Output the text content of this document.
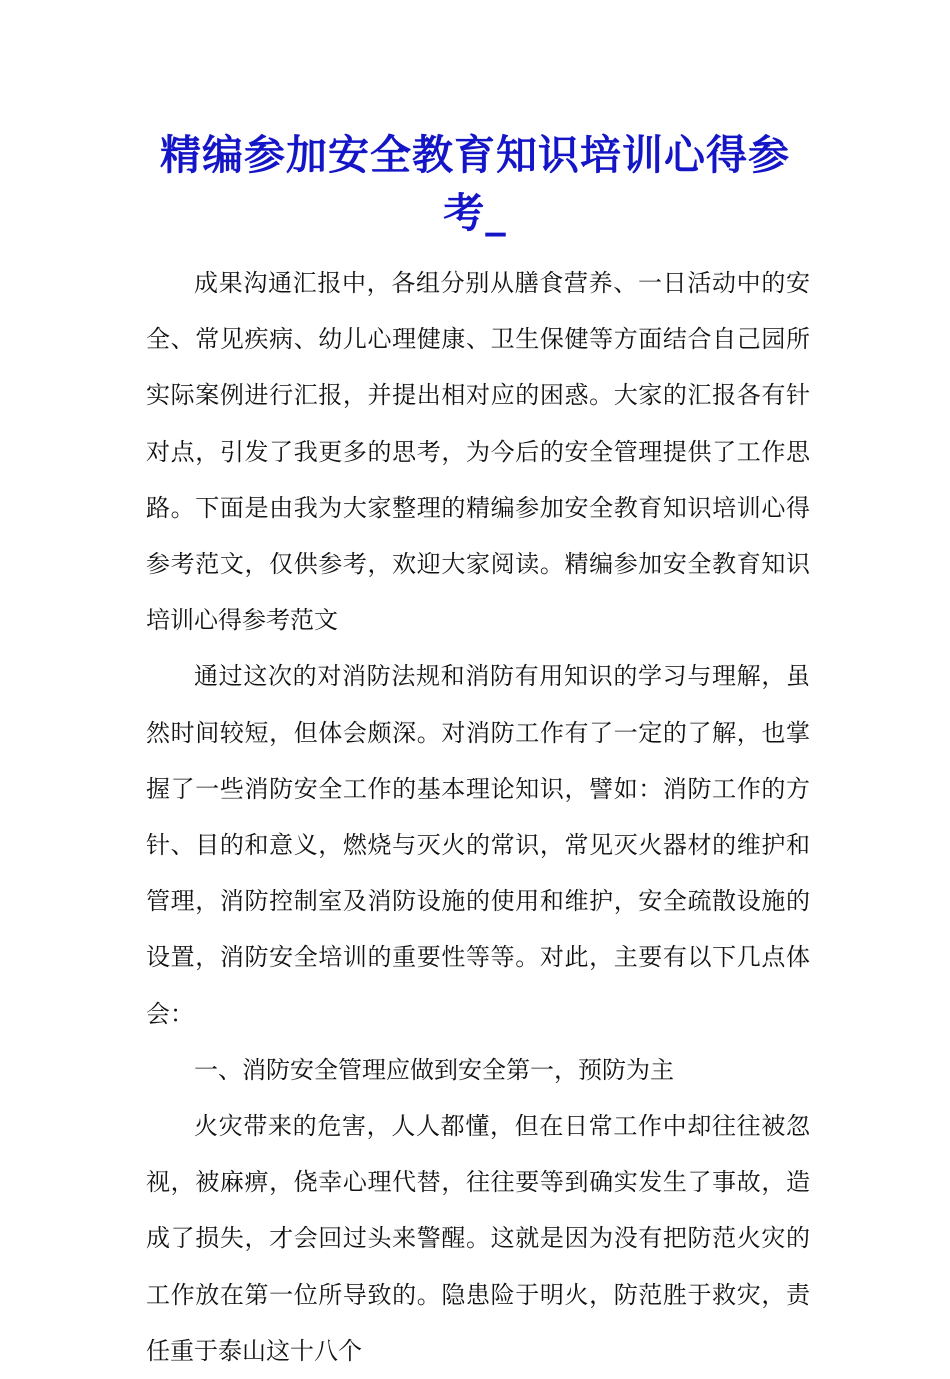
精编参加安全教育知识培训心得参考_

成果沟通汇报中，各组分别从膳食营养、一日活动中的安全、常见疾病、幼儿心理健康、卫生保健等方面结合自己园所实际案例进行汇报，并提出相对应的困惑。大家的汇报各有针对点，引发了我更多的思考，为今后的安全管理提供了工作思路。下面是由我为大家整理的精编参加安全教育知识培训心得参考范文，仅供参考，欢迎大家阅读。精编参加安全教育知识培训心得参考范文

通过这次的对消防法规和消防有用知识的学习与理解，虽然时间较短，但体会颇深。对消防工作有了一定的了解，也掌握了一些消防安全工作的基本理论知识，譬如：消防工作的方针、目的和意义，燃烧与灭火的常识，常见灭火器材的维护和管理，消防控制室及消防设施的使用和维护，安全疏散设施的设置，消防安全培训的重要性等等。对此，主要有以下几点体会：

一、消防安全管理应做到安全第一，预防为主

火灾带来的危害，人人都懂，但在日常工作中却往往被忽视，被麻痹，侥幸心理代替，往往要等到确实发生了事故，造成了损失，才会回过头来警醒。这就是因为没有把防范火灾的工作放在第一位所导致的。隐患险于明火，防范胜于救灾，责任重于泰山这十八个
